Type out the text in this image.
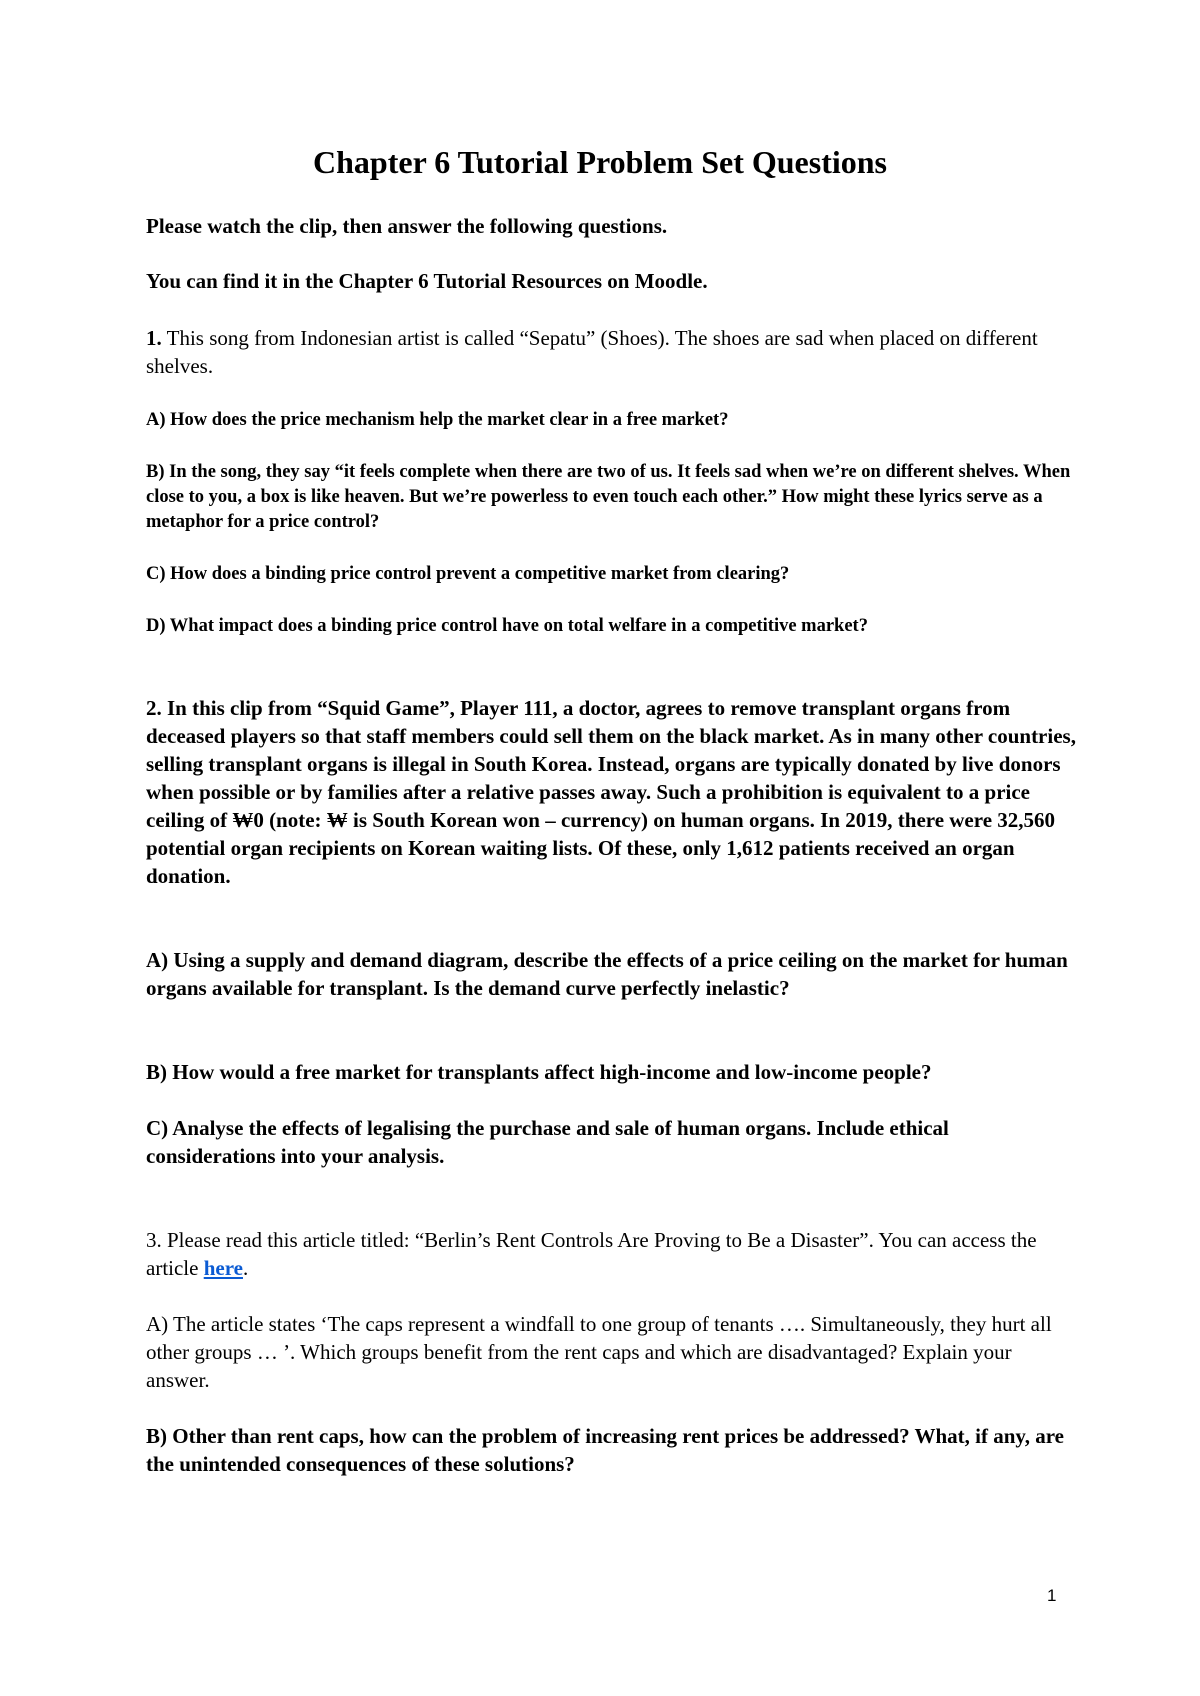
Chapter 6 Tutorial Problem Set Questions

Please watch the clip, then answer the following questions.

You can find it in the Chapter 6 Tutorial Resources on Moodle.

1. This song from Indonesian artist is called “Sepatu” (Shoes). The shoes are sad when placed on different shelves.

A) How does the price mechanism help the market clear in a free market?

B) In the song, they say “it feels complete when there are two of us. It feels sad when we’re on different shelves. When close to you, a box is like heaven. But we’re powerless to even touch each other.” How might these lyrics serve as a metaphor for a price control?

C) How does a binding price control prevent a competitive market from clearing?

D) What impact does a binding price control have on total welfare in a competitive market?

2. In this clip from “Squid Game”, Player 111, a doctor, agrees to remove transplant organs from deceased players so that staff members could sell them on the black market. As in many other countries, selling transplant organs is illegal in South Korea. Instead, organs are typically donated by live donors when possible or by families after a relative passes away. Such a prohibition is equivalent to a price ceiling of ₩0 (note: ₩ is South Korean won – currency) on human organs. In 2019, there were 32,560 potential organ recipients on Korean waiting lists. Of these, only 1,612 patients received an organ donation.

A) Using a supply and demand diagram, describe the effects of a price ceiling on the market for human organs available for transplant. Is the demand curve perfectly inelastic?

B) How would a free market for transplants affect high-income and low-income people?

C) Analyse the effects of legalising the purchase and sale of human organs. Include ethical considerations into your analysis.

3. Please read this article titled: “Berlin’s Rent Controls Are Proving to Be a Disaster”. You can access the article here.

A) The article states ‘The caps represent a windfall to one group of tenants …. Simultaneously, they hurt all other groups … ’. Which groups benefit from the rent caps and which are disadvantaged? Explain your answer.

B) Other than rent caps, how can the problem of increasing rent prices be addressed? What, if any, are the unintended consequences of these solutions?

1
